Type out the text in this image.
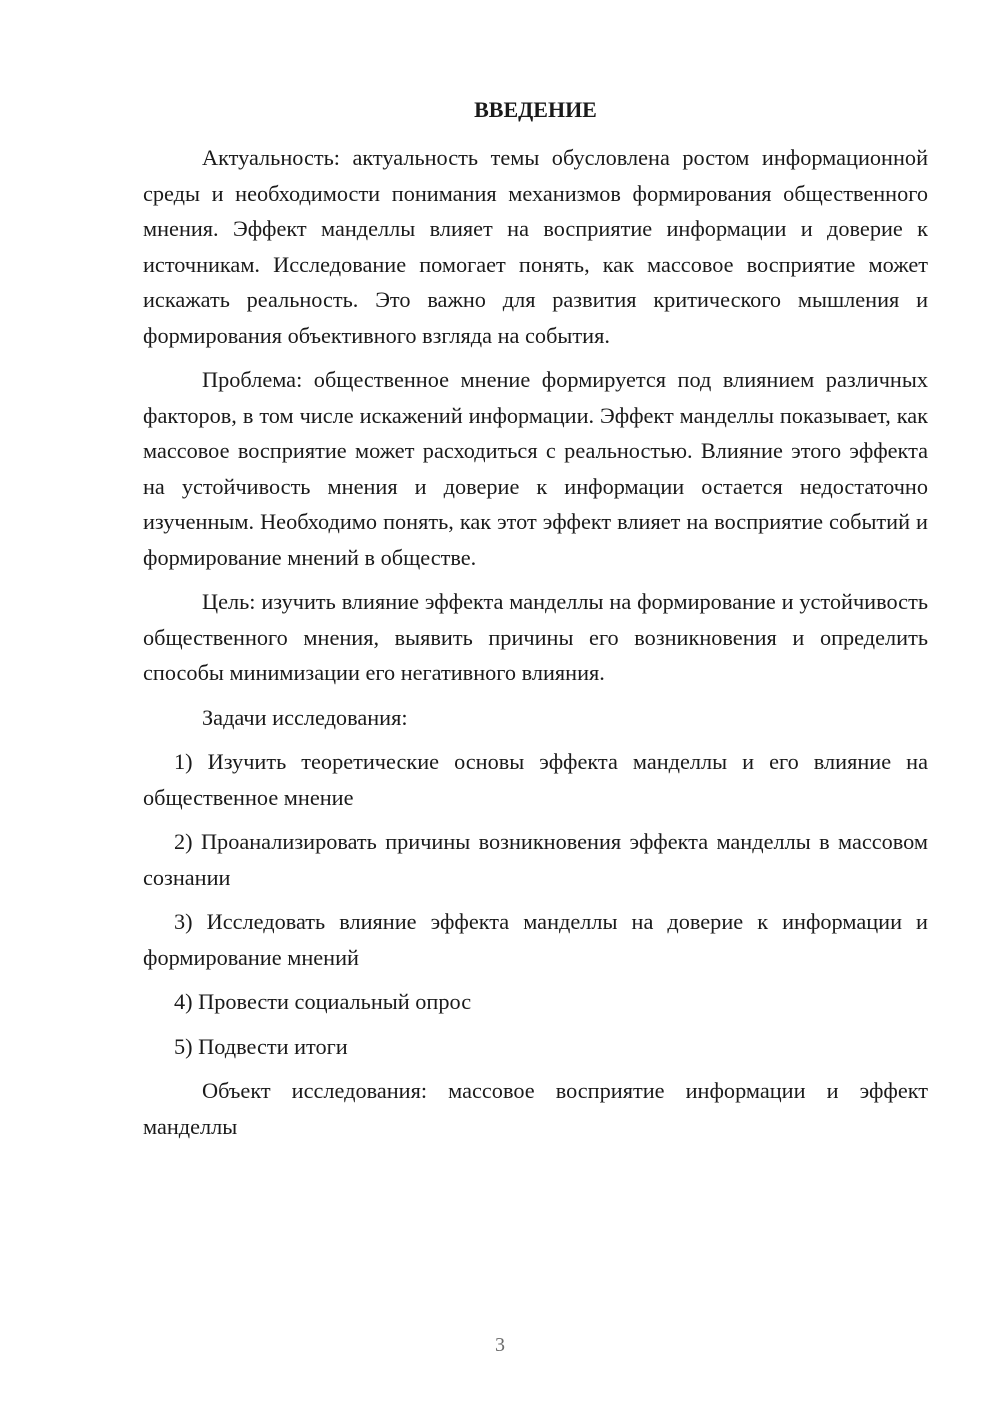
ВВЕДЕНИЕ

Актуальность: актуальность темы обусловлена ростом информационной среды и необходимости понимания механизмов формирования общественного мнения. Эффект манделлы влияет на восприятие информации и доверие к источникам. Исследование помогает понять, как массовое восприятие может искажать реальность. Это важно для развития критического мышления и формирования объективного взгляда на события.

Проблема: общественное мнение формируется под влиянием различных факторов, в том числе искажений информации. Эффект манделлы показывает, как массовое восприятие может расходиться с реальностью. Влияние этого эффекта на устойчивость мнения и доверие к информации остается недостаточно изученным. Необходимо понять, как этот эффект влияет на восприятие событий и формирование мнений в обществе.

Цель: изучить влияние эффекта манделлы на формирование и устойчивость общественного мнения, выявить причины его возникновения и определить способы минимизации его негативного влияния.

Задачи исследования:

1) Изучить теоретические основы эффекта манделлы и его влияние на общественное мнение

2) Проанализировать причины возникновения эффекта манделлы в массовом сознании

3) Исследовать влияние эффекта манделлы на доверие к информации и формирование мнений

4) Провести социальный опрос

5) Подвести итоги

Объект исследования: массовое восприятие информации и эффект манделлы

3
